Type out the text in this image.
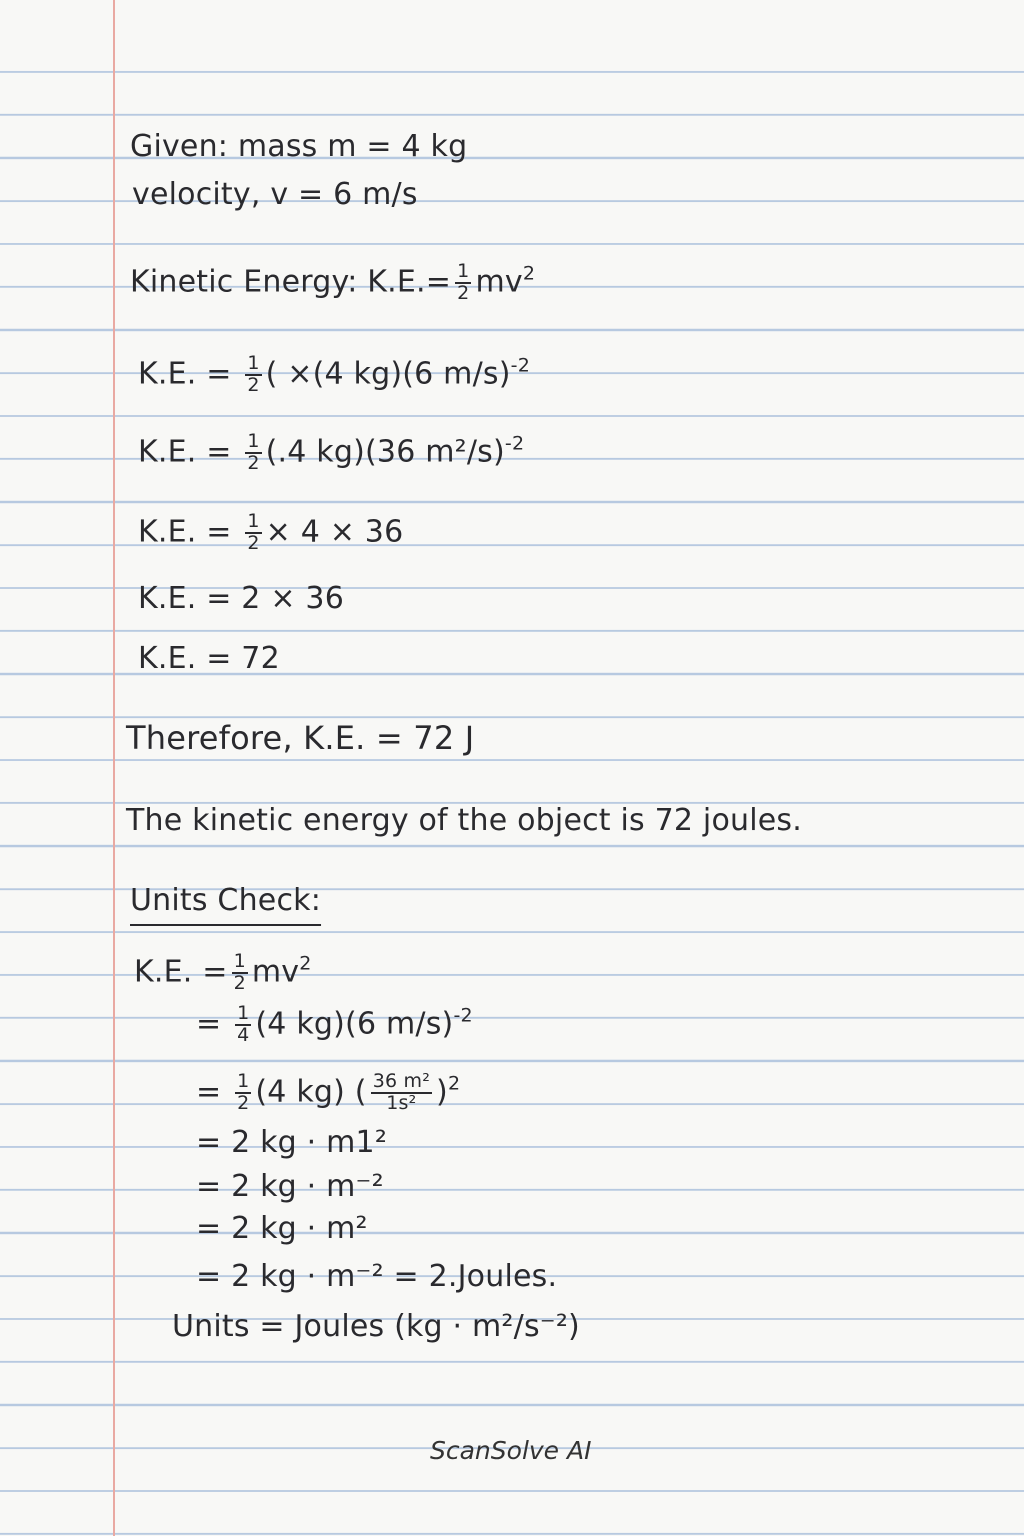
Given: mass m = 4 kg
velocity, v = 6 m/s
Kinetic Energy: $K.E.= \frac{1}{2} mv^2$
K.E. = $\frac{1}{2}$ ( ×(4 kg)(6 m/s)$^{-2}$
K.E. = $\frac{1}{2} (.4$ kg)(36 m²/s)$^{-2}$
K.E. = $\frac{1}{2} \times 4 \times 36$
K.E. = 2 × 36
K.E. = 72
Therefore, K.E. = 72 J
The kinetic energy of the object is 72 joules.
Units Check:
K.E. = $\frac{1}{2} mv^2$
= $\frac{1}{4} (4$ kg)(6 m/s)$^{-2}$
= $\frac{1}{2} (4$ kg) ( $\frac{\text{36 m²}}{\text{1s²}} )^2$
= 2 kg · m1²
= 2 kg · m⁻²
= 2 kg · m²
= 2 kg · m⁻² = 2.Joules.
Units = Joules (kg · m²/s⁻²)
ScanSolve AI
